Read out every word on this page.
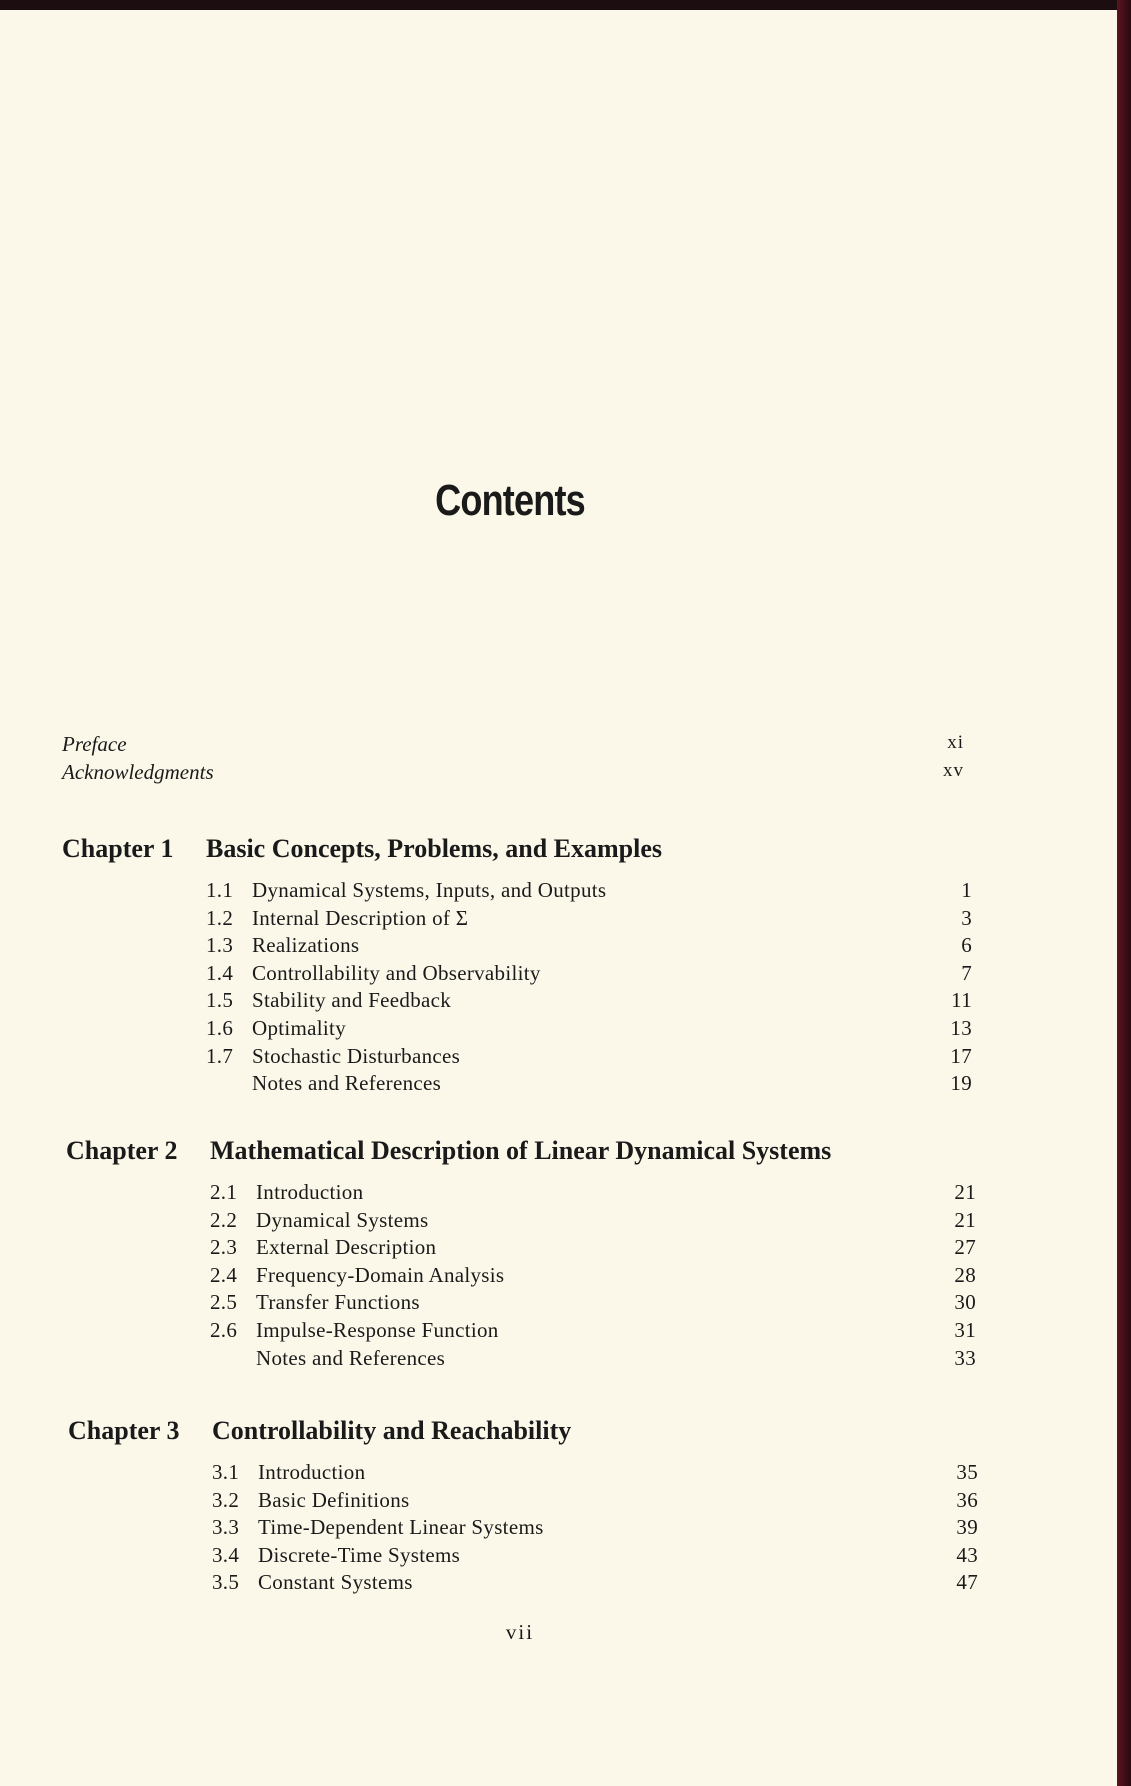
Contents
Preface	xi
Acknowledgments	xv
Chapter 1	Basic Concepts, Problems, and Examples
1.1 Dynamical Systems, Inputs, and Outputs	1
1.2 Internal Description of Σ	3
1.3 Realizations	6
1.4 Controllability and Observability	7
1.5 Stability and Feedback	11
1.6 Optimality	13
1.7 Stochastic Disturbances	17
Notes and References	19
Chapter 2	Mathematical Description of Linear Dynamical Systems
2.1 Introduction	21
2.2 Dynamical Systems	21
2.3 External Description	27
2.4 Frequency-Domain Analysis	28
2.5 Transfer Functions	30
2.6 Impulse-Response Function	31
Notes and References	33
Chapter 3	Controllability and Reachability
3.1 Introduction	35
3.2 Basic Definitions	36
3.3 Time-Dependent Linear Systems	39
3.4 Discrete-Time Systems	43
3.5 Constant Systems	47
vii
